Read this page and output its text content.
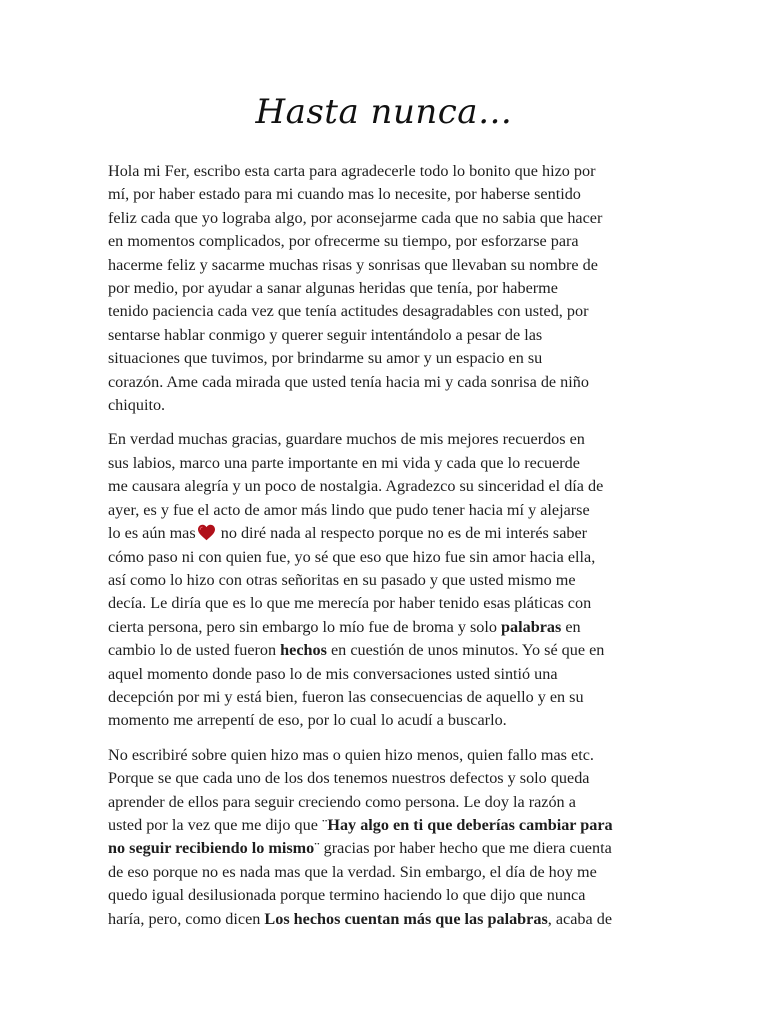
Hasta nunca…

Hola mi Fer, escribo esta carta para agradecerle todo lo bonito que hizo por
mí, por haber estado para mi cuando mas lo necesite, por haberse sentido
feliz cada que yo lograba algo, por aconsejarme cada que no sabia que hacer
en momentos complicados, por ofrecerme su tiempo, por esforzarse para
hacerme feliz y sacarme muchas risas y sonrisas que llevaban su nombre de
por medio, por ayudar a sanar algunas heridas que tenía, por haberme
tenido paciencia cada vez que tenía actitudes desagradables con usted, por
sentarse hablar conmigo y querer seguir intentándolo a pesar de las
situaciones que tuvimos, por brindarme su amor y un espacio en su
corazón. Ame cada mirada que usted tenía hacia mi y cada sonrisa de niño
chiquito.

En verdad muchas gracias, guardare muchos de mis mejores recuerdos en
sus labios, marco una parte importante en mi vida y cada que lo recuerde
me causara alegría y un poco de nostalgia. Agradezco su sinceridad el día de
ayer, es y fue el acto de amor más lindo que pudo tener hacia mí y alejarse
lo es aún mas no diré nada al respecto porque no es de mi interés saber
cómo paso ni con quien fue, yo sé que eso que hizo fue sin amor hacia ella,
así como lo hizo con otras señoritas en su pasado y que usted mismo me
decía. Le diría que es lo que me merecía por haber tenido esas pláticas con
cierta persona, pero sin embargo lo mío fue de broma y solo palabras en
cambio lo de usted fueron hechos en cuestión de unos minutos. Yo sé que en
aquel momento donde paso lo de mis conversaciones usted sintió una
decepción por mi y está bien, fueron las consecuencias de aquello y en su
momento me arrepentí de eso, por lo cual lo acudí a buscarlo.

No escribiré sobre quien hizo mas o quien hizo menos, quien fallo mas etc.
Porque se que cada uno de los dos tenemos nuestros defectos y solo queda
aprender de ellos para seguir creciendo como persona. Le doy la razón a
usted por la vez que me dijo que ¨Hay algo en ti que deberías cambiar para
no seguir recibiendo lo mismo¨ gracias por haber hecho que me diera cuenta
de eso porque no es nada mas que la verdad. Sin embargo, el día de hoy me
quedo igual desilusionada porque termino haciendo lo que dijo que nunca
haría, pero, como dicen Los hechos cuentan más que las palabras, acaba de
